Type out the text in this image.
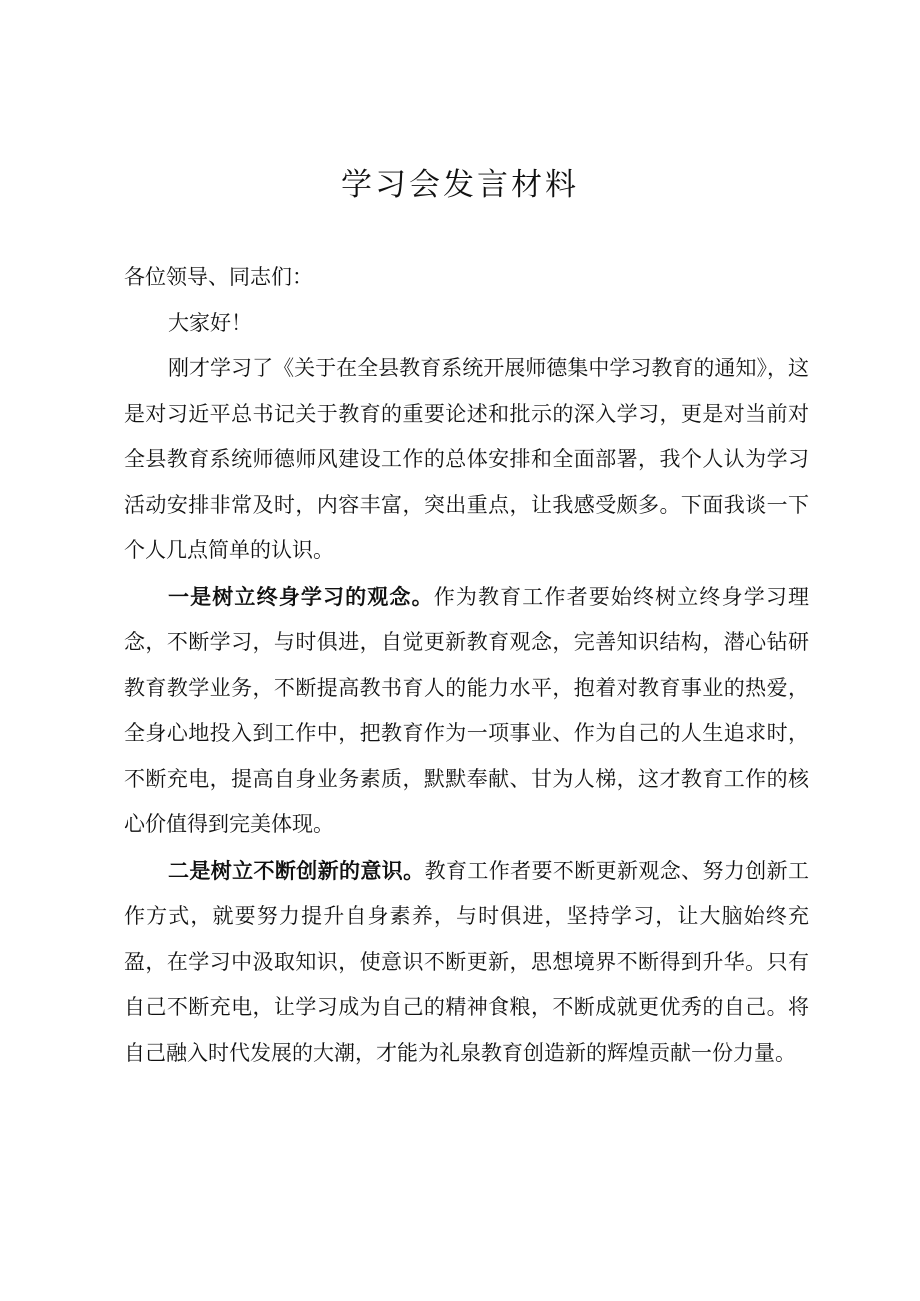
学习会发言材料

各位领导、同志们：

大家好！

刚才学习了《关于在全县教育系统开展师德集中学习教育的通知》，这是对习近平总书记关于教育的重要论述和批示的深入学习，更是对当前对全县教育系统师德师风建设工作的总体安排和全面部署，我个人认为学习活动安排非常及时，内容丰富，突出重点，让我感受颇多。下面我谈一下个人几点简单的认识。

一是树立终身学习的观念。作为教育工作者要始终树立终身学习理念，不断学习，与时俱进，自觉更新教育观念，完善知识结构，潜心钻研教育教学业务，不断提高教书育人的能力水平，抱着对教育事业的热爱，全身心地投入到工作中，把教育作为一项事业、作为自己的人生追求时，不断充电，提高自身业务素质，默默奉献、甘为人梯，这才教育工作的核心价值得到完美体现。

二是树立不断创新的意识。教育工作者要不断更新观念、努力创新工作方式，就要努力提升自身素养，与时俱进，坚持学习，让大脑始终充盈，在学习中汲取知识，使意识不断更新，思想境界不断得到升华。只有自己不断充电，让学习成为自己的精神食粮，不断成就更优秀的自己。将自己融入时代发展的大潮，才能为礼泉教育创造新的辉煌贡献一份力量。
